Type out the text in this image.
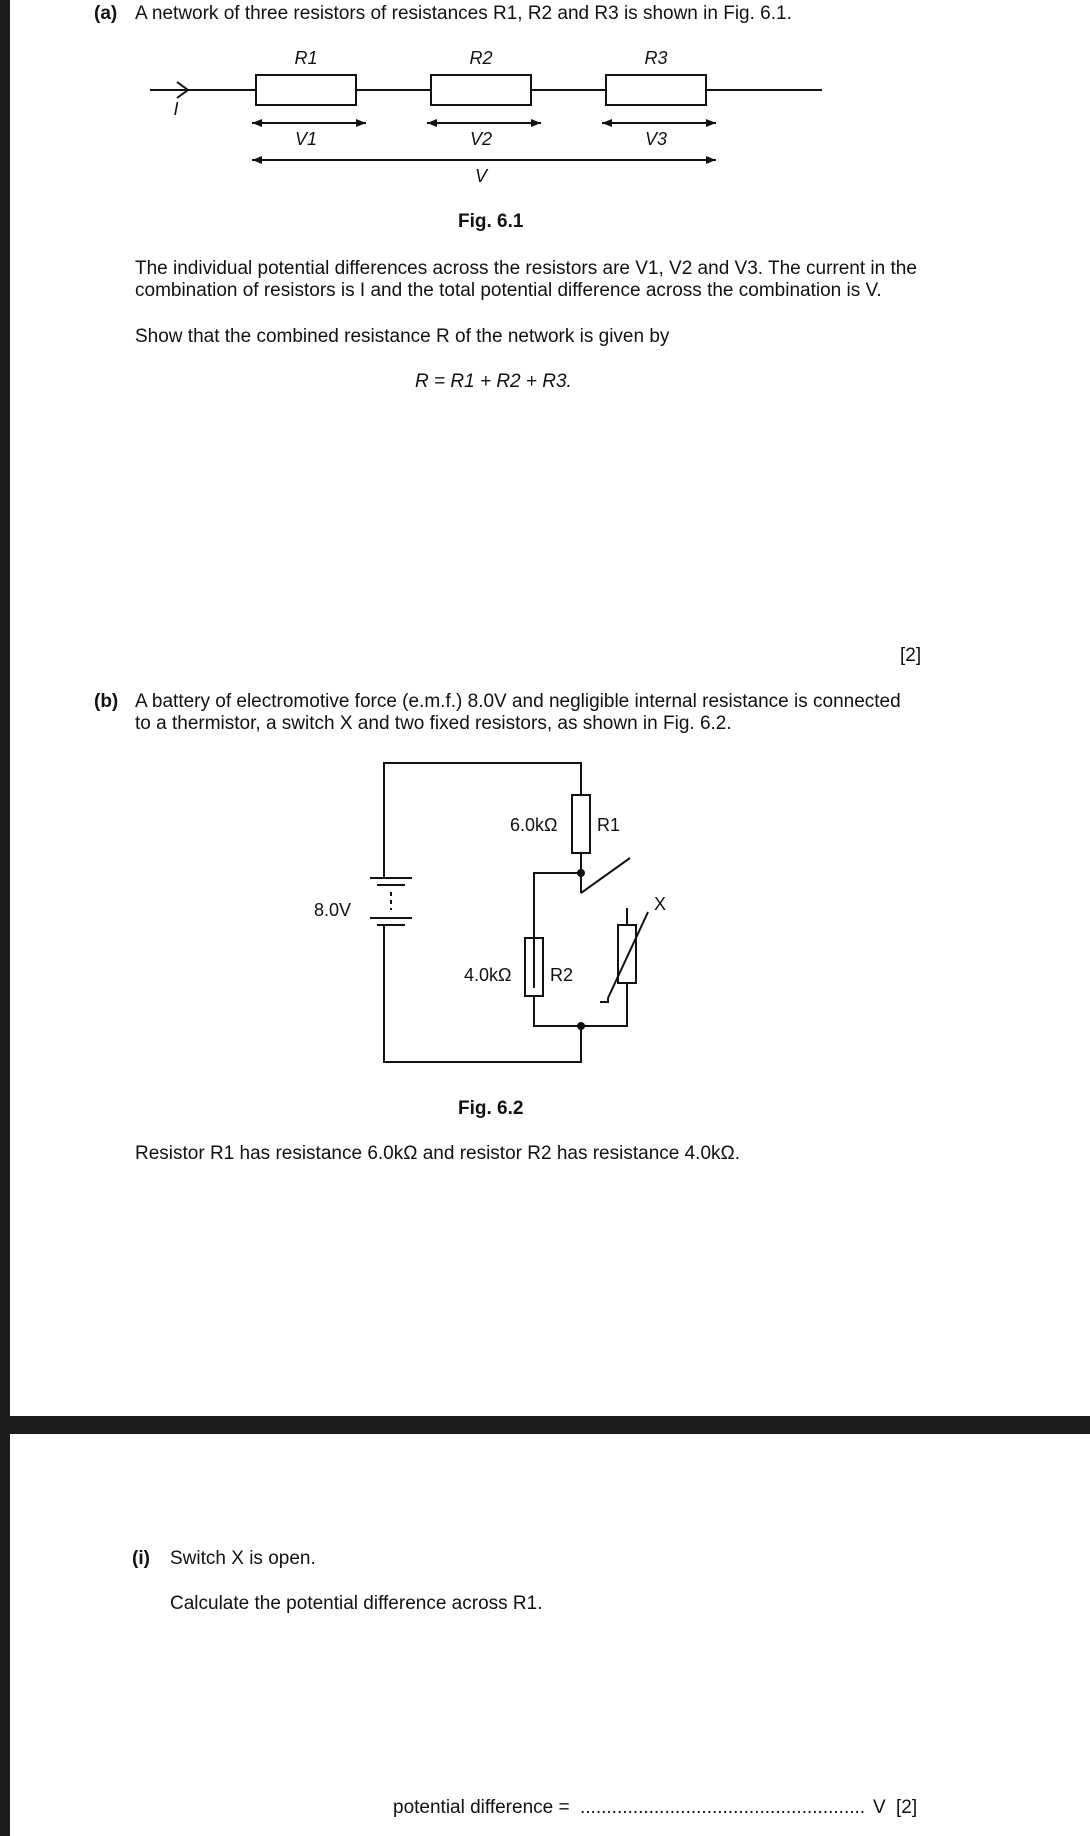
(a) A network of three resistors of resistances R1, R2 and R3 is shown in Fig. 6.1.
R1	R2	R3
I
V1	V2	V3
V
Fig. 6.1
The individual potential differences across the resistors are V1, V2 and V3. The current in the
combination of resistors is I and the total potential difference across the combination is V.
Show that the combined resistance R of the network is given by
R = R1 + R2 + R3.
[2]
(b) A battery of electromotive force (e.m.f.) 8.0V and negligible internal resistance is connected
to a thermistor, a switch X and two fixed resistors, as shown in Fig. 6.2.
6.0kΩ R1
4.0kΩ R2
8.0V	X
Fig. 6.2
Resistor R1 has resistance 6.0kΩ and resistor R2 has resistance 4.0kΩ.
(i) Switch X is open.
Calculate the potential difference across R1.
potential difference = ...................................................... V [2]
